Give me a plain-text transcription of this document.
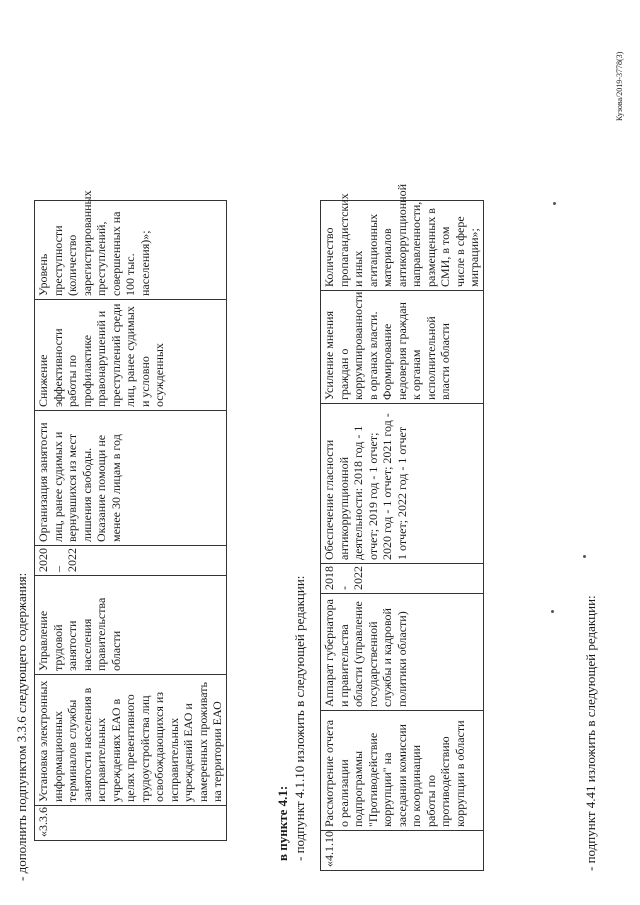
Кузова/2019-3778(3)
- дополнить подпунктом 3.3.6 следующего содержания: «3.3.6	Установка электронных информационных терминалов службы занятости населения в исправительных учреждениях ЕАО в целях превентивного трудоустройства лиц освобождающихся из исправительных учреждений ЕАО и намеренных проживать на территории ЕАО	Управление трудовой занятости населения правительства области	2020 – 2022	Организация занятости лиц, ранее судимых и вернувшихся из мест лишения свободы. Оказание помощи не менее 30 лицам в год	Снижение эффективности работы по профилактике правонарушений и преступлений среди лиц, ранее судимых и условно осужденных	Уровень преступности (количество зарегистрированных преступлений, совершенных на 100 тыс. населения)»;
в пункте 4.1: - подпункт 4.1.10 изложить в следующей редакции: «4.1.10	Рассмотрение отчета о реализации подпрограммы "Противодействие коррупции" на заседании комиссии по координации работы по противодействию коррупции в области	Аппарат губернатора и правительства области (управление государственной службы и кадровой политики области)	2018 - 2022	Обеспечение гласности антикоррупционной деятельности: 2018 год - 1 отчет; 2019 год - 1 отчет; 2020 год - 1 отчет; 2021 год - 1 отчет; 2022 год - 1 отчет	Усиление мнения граждан о коррумпированности в органах власти. Формирование недоверия граждан к органам исполнительной власти области	Количество пропагандистских и иных агитационных материалов антикоррупционной направленности, размещенных в СМИ, в том числе в сфере миграции»;
- подпункт 4.41 изложить в следующей редакции:
